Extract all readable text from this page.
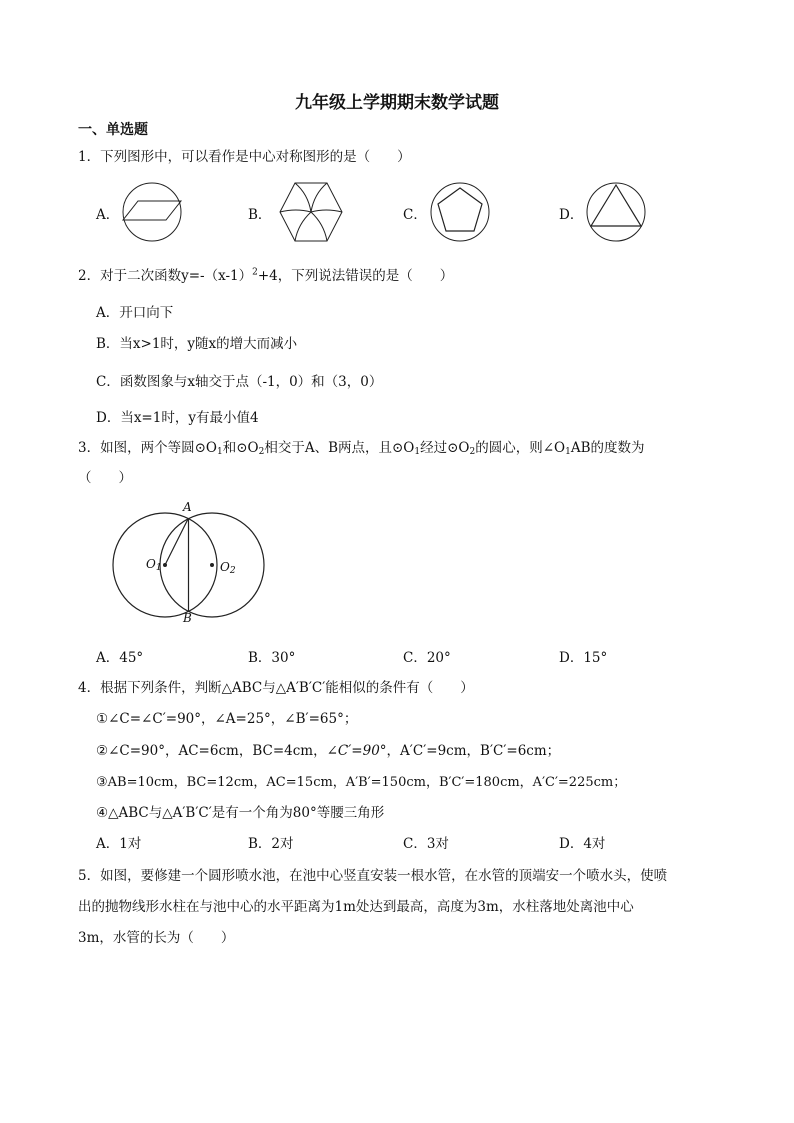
九年级上学期期末数学试题
一、单选题
1．下列图形中，可以看作是中心对称图形的是（　　）
A．	B．	C．	D．
2．对于二次函数$y=-(x-1)^2+4$，下列说法错误的是（　　）
A．开口向下
B．当x>1时，y随x的增大而减小
C．函数图象与x轴交于点（-1，0）和（3，0）
D．当x=1时，y有最小值4
3．如图，两个等圆$⊙O_1$和$⊙O_2$相交于A、B两点，且$⊙O_1$经过$⊙O_2$的圆心，则$\angle O_1AB$的度数为
（　　）
A
B
$O_1$	$O_2$
A．45°	B．30°	C．20°	D．15°
4．根据下列条件，判断△ABC与△A′B′C′能相似的条件有（　　）
①∠C=∠C′=90°，∠A=25°，∠B′=65°；
②∠C=90°，AC=6cm，BC=4cm，∠C′=90°，A′C′=9cm，B′C′=6cm；
③AB=10cm，BC=12cm，AC=15cm，A′B′=150cm，B′C′=180cm，A′C′=225cm；
④△ABC与△A′B′C′是有一个角为80°等腰三角形
A．1对	B．2对	C．3对	D．4对
5．如图，要修建一个圆形喷水池，在池中心竖直安装一根水管，在水管的顶端安一个喷水头，使喷
出的抛物线形水柱在与池中心的水平距离为1m处达到最高，高度为3m，水柱落地处离池中心
3m，水管的长为（　　）
